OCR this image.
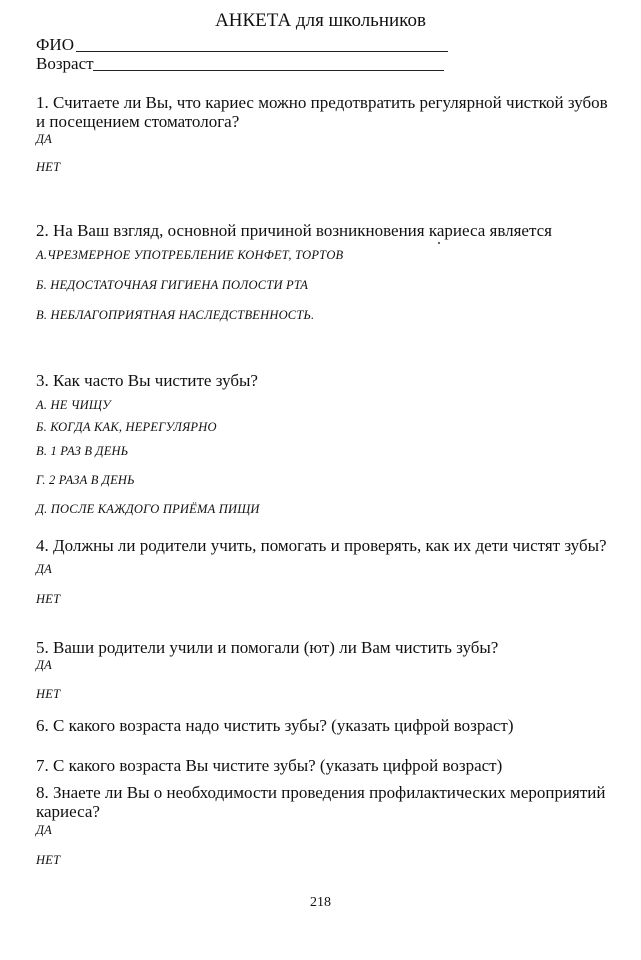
АНКЕТА для школьников
ФИО
Возраст
1. Считаете ли Вы, что кариес можно предотвратить регулярной чисткой зубов
и посещением стоматолога?
ДА
НЕТ
2. На Ваш взгляд, основной причиной возникновения кариеса является
А.ЧРЕЗМЕРНОЕ УПОТРЕБЛЕНИЕ КОНФЕТ, ТОРТОВ
Б. НЕДОСТАТОЧНАЯ ГИГИЕНА ПОЛОСТИ РТА
В. НЕБЛАГОПРИЯТНАЯ НАСЛЕДСТВЕННОСТЬ.
3. Как часто Вы чистите зубы?
А. НЕ ЧИЩУ
Б. КОГДА КАК, НЕРЕГУЛЯРНО
В. 1 РАЗ В ДЕНЬ
Г. 2 РАЗА В ДЕНЬ
Д. ПОСЛЕ КАЖДОГО ПРИЁМА ПИЩИ
4. Должны ли родители учить, помогать и проверять, как их дети чистят зубы?
ДА
НЕТ
5. Ваши родители учили и помогали (ют) ли Вам чистить зубы?
ДА
НЕТ
6. С какого возраста надо чистить зубы? (указать цифрой возраст)
7. С какого возраста Вы чистите зубы? (указать цифрой возраст)
8. Знаете ли Вы о необходимости проведения профилактических мероприятий
кариеса?
ДА
НЕТ
218
